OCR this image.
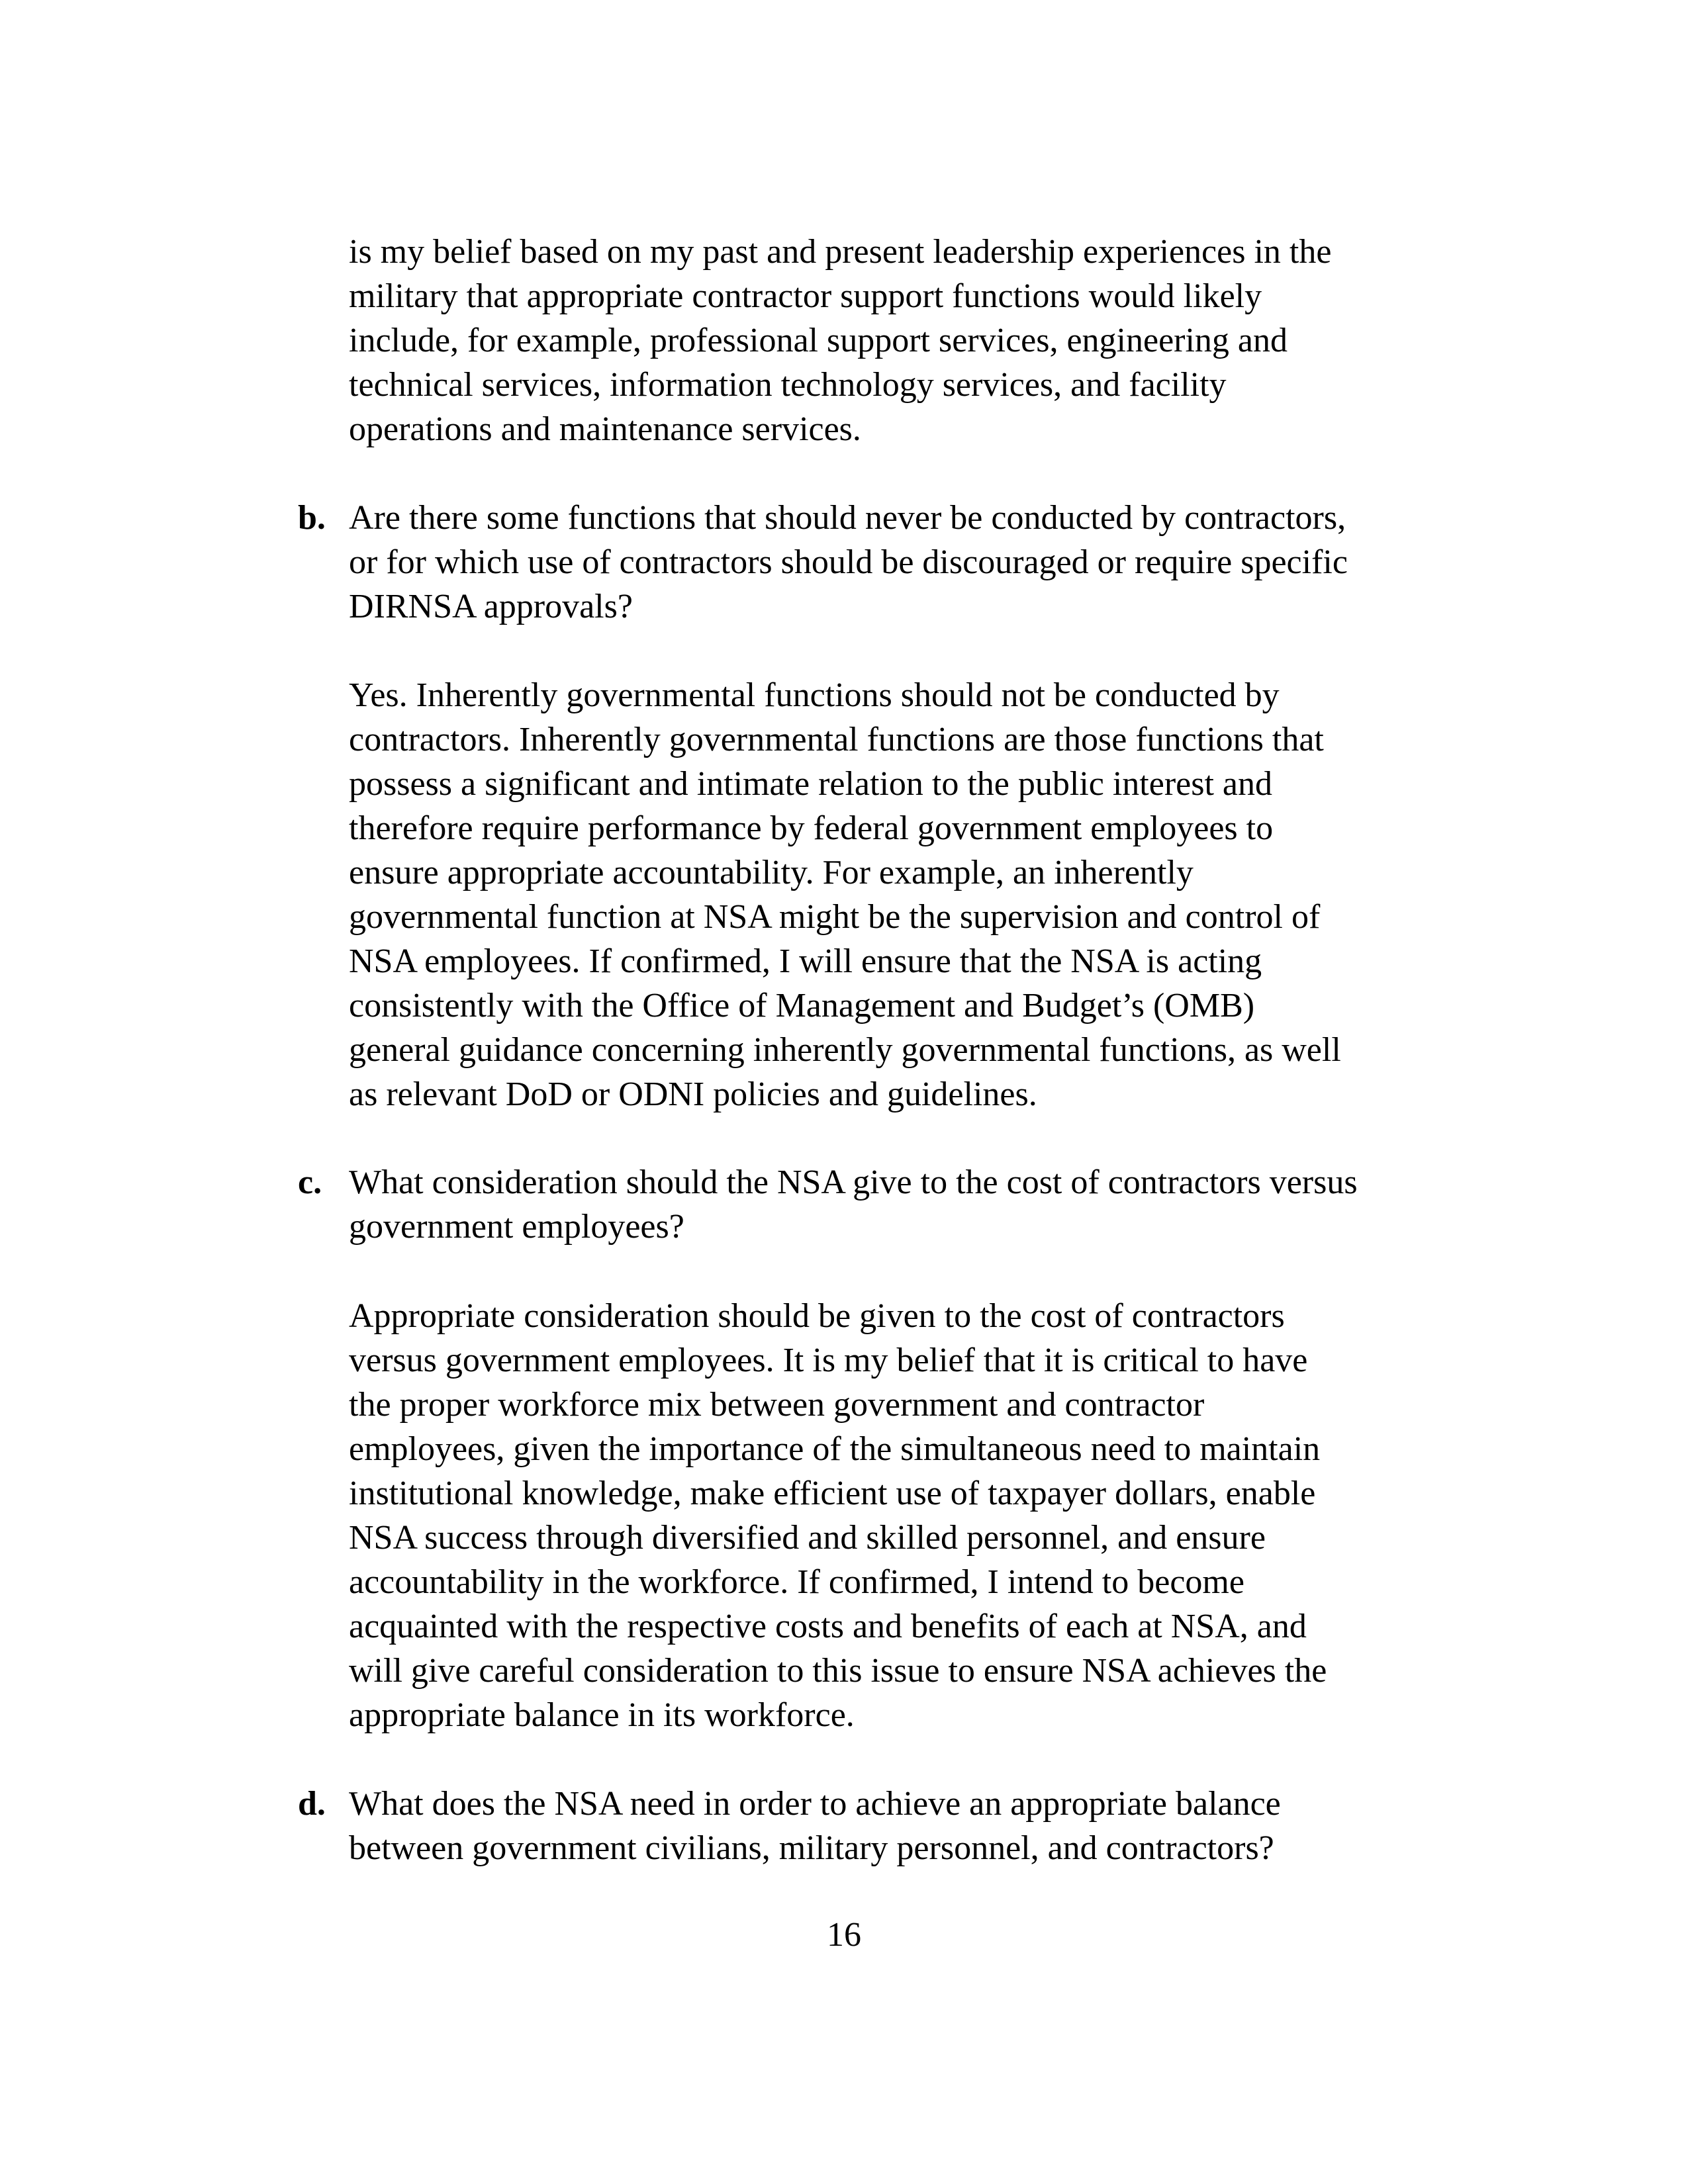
is my belief based on my past and present leadership experiences in the

military that appropriate contractor support functions would likely

include, for example, professional support services, engineering and

technical services, information technology services, and facility

operations and maintenance services.

b. Are there some functions that should never be conducted by contractors,

or for which use of contractors should be discouraged or require specific

DIRNSA approvals?

Yes. Inherently governmental functions should not be conducted by

contractors. Inherently governmental functions are those functions that

possess a significant and intimate relation to the public interest and

therefore require performance by federal government employees to

ensure appropriate accountability. For example, an inherently

governmental function at NSA might be the supervision and control of

NSA employees. If confirmed, I will ensure that the NSA is acting

consistently with the Office of Management and Budget’s (OMB)

general guidance concerning inherently governmental functions, as well

as relevant DoD or ODNI policies and guidelines.

c. What consideration should the NSA give to the cost of contractors versus

government employees?

Appropriate consideration should be given to the cost of contractors

versus government employees. It is my belief that it is critical to have

the proper workforce mix between government and contractor

employees, given the importance of the simultaneous need to maintain

institutional knowledge, make efficient use of taxpayer dollars, enable

NSA success through diversified and skilled personnel, and ensure

accountability in the workforce. If confirmed, I intend to become

acquainted with the respective costs and benefits of each at NSA, and

will give careful consideration to this issue to ensure NSA achieves the

appropriate balance in its workforce.

d. What does the NSA need in order to achieve an appropriate balance

between government civilians, military personnel, and contractors?

16
